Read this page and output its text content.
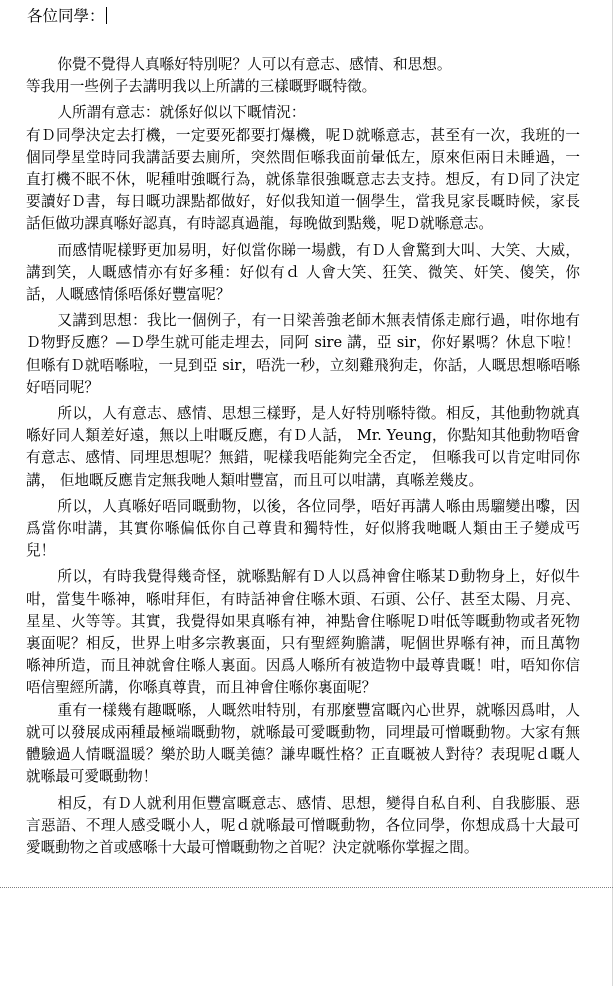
各位同學：

你覺不覺得人真喺好特別呢？人可以有意志、感情、和思想。

等我用一些例子去講明我以上所講的三樣嘅野嘅特徵。

人所謂有意志：就係好似以下嘅情況：

有Ｄ同學決定去打機，一定要死都要打爆機，呢Ｄ就喺意志，甚至有一次，我班的一個同學星堂時同我講話要去廁所，突然間佢喺我面前暈低左，原來佢兩日未睡過，一直打機不眠不休，呢種咁強嘅行為，就係靠很強嘅意志去支持。想反，有Ｄ同了決定要讀好Ｄ書，每日嘅功課點都做好，好似我知道一個學生，當我見家長嘅時候，家長話佢做功課真喺好認真，有時認真過龍，每晚做到點幾，呢Ｄ就喺意志。

而感情呢樣野更加易明，好似當你睇一場戲，有Ｄ人會驚到大叫、大笑、大威，講到笑，人嘅感情亦有好多種：好似有ｄ 人會大笑、狂笑、微笑、奸笑、傻笑，你話，人嘅感情係唔係好豐富呢？

又講到思想：我比一個例子，有一日梁善強老師木無表情係走廊行過，咁你地有Ｄ物野反應？—Ｄ學生就可能走埋去，同阿 sire 講，亞 sir，你好累嗎？休息下啦！但喺有Ｄ就唔喺啦，一見到亞 sir，唔洗一秒，立刻雞飛狗走，你話，人嘅思想喺唔喺好唔同呢？

所以，人有意志、感情、思想三樣野，是人好特別喺特徵。相反，其他動物就真喺好同人類差好遠，無以上咁嘅反應，有Ｄ人話， Mr. Yeung，你點知其他動物唔會有意志、感情、同埋思想呢？無錯，呢樣我唔能夠完全否定， 但喺我可以肯定咁同你講， 佢地嘅反應肯定無我哋人類咁豐富，而且可以咁講，真喺差幾皮。

所以，人真喺好唔同嘅動物，以後，各位同學，唔好再講人喺由馬騮變出嚟，因爲當你咁講，其實你喺偏低你自己尊貴和獨特性，好似將我哋嘅人類由王子變成丐兒！

所以，有時我覺得幾奇怪，就喺點解有Ｄ人以爲神會住喺某Ｄ動物身上，好似牛咁，當隻牛喺神，喺咁拜佢，有時話神會住喺木頭、石頭、公仔、甚至太陽、月亮、星星、火等等。其實，我覺得如果真喺有神，神點會住喺呢Ｄ咁低等嘅動物或者死物裏面呢？相反，世界上咁多宗教裏面，只有聖經夠膽講，呢個世界喺有神，而且萬物喺神所造，而且神就會住喺人裏面。因爲人喺所有被造物中最尊貴嘅！咁，唔知你信唔信聖經所講，你喺真尊貴，而且神會住喺你裏面呢？

重有一樣幾有趣嘅喺，人嘅然咁特別，有那麼豐富嘅內心世界，就喺因爲咁，人就可以發展成兩種最極端嘅動物，就喺最可愛嘅動物，同埋最可憎嘅動物。大家有無體驗過人情嘅溫暖？樂於助人嘅美德？謙卑嘅性格？正直嘅被人對待？表現呢ｄ嘅人就喺最可愛嘅動物！

相反，有Ｄ人就利用佢豐富嘅意志、感情、思想，變得自私自利、自我膨脹、惡言惡語、不理人感受嘅小人，呢ｄ就喺最可憎嘅動物，各位同學，你想成爲十大最可愛嘅動物之首或感喺十大最可憎嘅動物之首呢？決定就喺你掌握之間。
